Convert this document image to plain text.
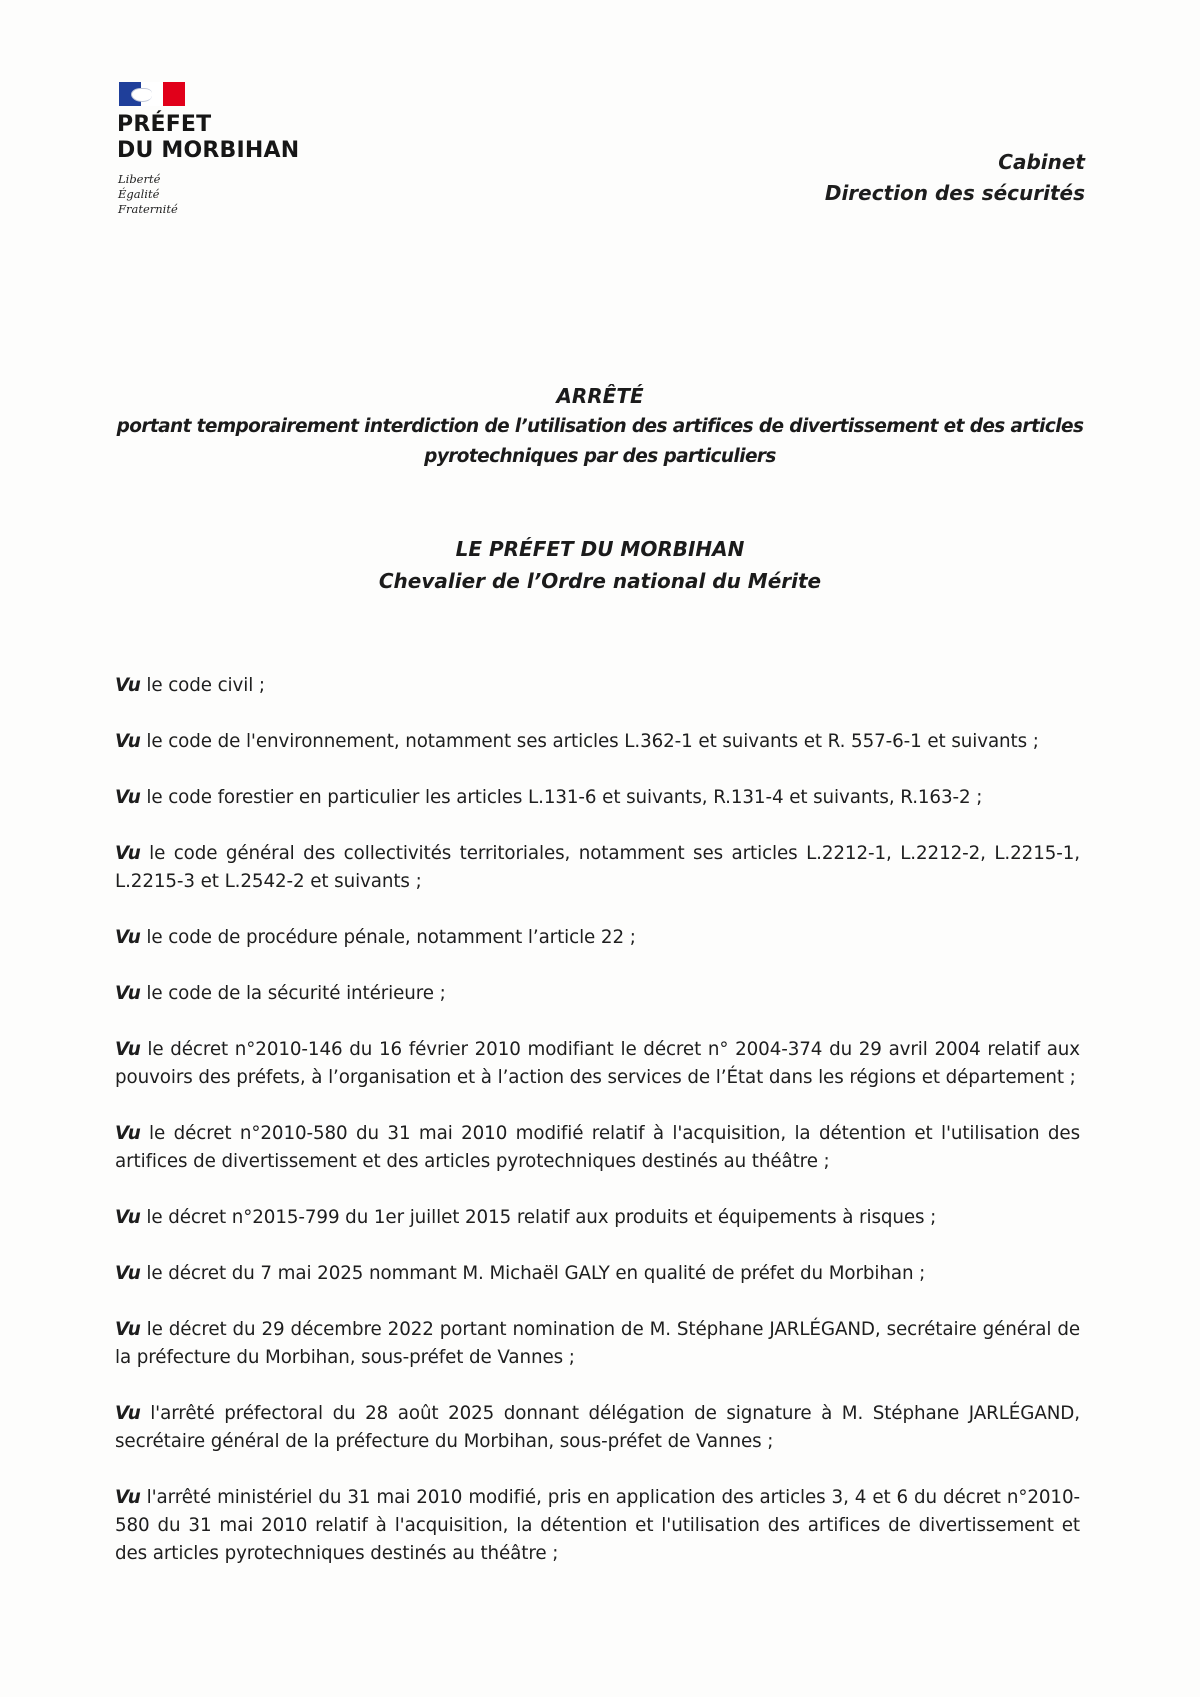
PRÉFET
DU MORBIHAN
Liberté
Égalité
Fraternité
Cabinet
Direction des sécurités
ARRÊTÉ
portant temporairement interdiction de l’utilisation des artifices de divertissement et des articles pyrotechniques par des particuliers
LE PRÉFET DU MORBIHAN
Chevalier de l’Ordre national du Mérite

Vu le code civil ;

Vu le code de l'environnement, notamment ses articles L.362-1 et suivants et R. 557-6-1 et suivants ;

Vu le code forestier en particulier les articles L.131-6 et suivants, R.131-4 et suivants, R.163-2 ;

Vu le code général des collectivités territoriales, notamment ses articles L.2212-1, L.2212-2, L.2215-1, L.2215-3 et L.2542-2 et suivants ;

Vu le code de procédure pénale, notamment l’article 22 ;

Vu le code de la sécurité intérieure ;

Vu le décret n°2010-146 du 16 février 2010 modifiant le décret n° 2004-374 du 29 avril 2004 relatif aux pouvoirs des préfets, à l’organisation et à l’action des services de l’État dans les régions et département ;

Vu le décret n°2010-580 du 31 mai 2010 modifié relatif à l'acquisition, la détention et l'utilisation des artifices de divertissement et des articles pyrotechniques destinés au théâtre ;

Vu le décret n°2015-799 du 1er juillet 2015 relatif aux produits et équipements à risques ;

Vu le décret du 7 mai 2025 nommant M. Michaël GALY en qualité de préfet du Morbihan ;

Vu le décret du 29 décembre 2022 portant nomination de M. Stéphane JARLÉGAND, secrétaire général de la préfecture du Morbihan, sous-préfet de Vannes ;

Vu l'arrêté préfectoral du 28 août 2025 donnant délégation de signature à M. Stéphane JARLÉGAND, secrétaire général de la préfecture du Morbihan, sous-préfet de Vannes ;

Vu l'arrêté ministériel du 31 mai 2010 modifié, pris en application des articles 3, 4 et 6 du décret n°2010-580 du 31 mai 2010 relatif à l'acquisition, la détention et l'utilisation des artifices de divertissement et des articles pyrotechniques destinés au théâtre ;
